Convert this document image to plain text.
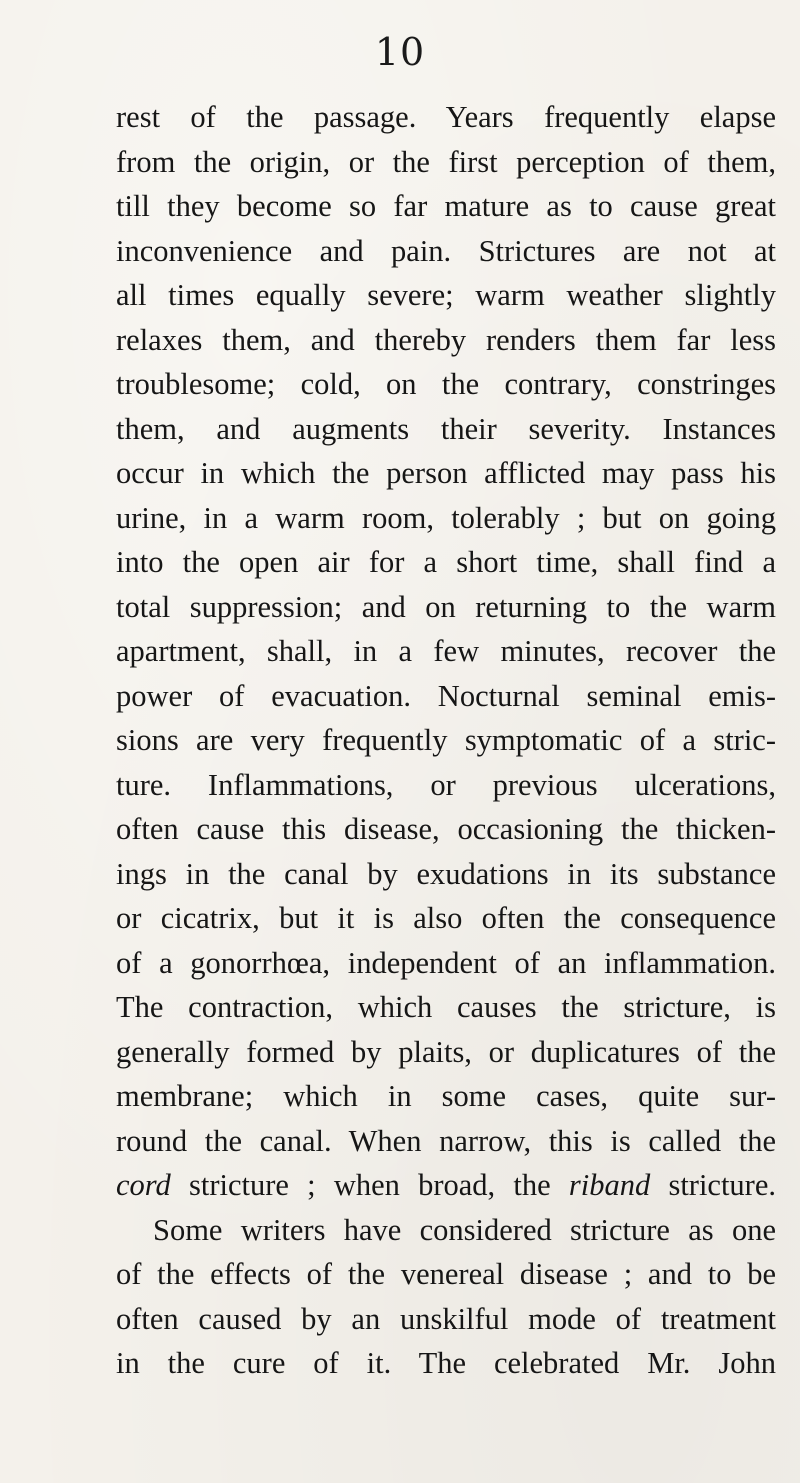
10
rest of the passage. Years frequently elapse
from the origin, or the first perception of them,
till they become so far mature as to cause great
inconvenience and pain. Strictures are not at
all times equally severe; warm weather slightly
relaxes them, and thereby renders them far less
troublesome; cold, on the contrary, constringes
them, and augments their severity. Instances
occur in which the person afflicted may pass his
urine, in a warm room, tolerably ; but on going
into the open air for a short time, shall find a
total suppression; and on returning to the warm
apartment, shall, in a few minutes, recover the
power of evacuation. Nocturnal seminal emis-
sions are very frequently symptomatic of a stric-
ture. Inflammations, or previous ulcerations,
often cause this disease, occasioning the thicken-
ings in the canal by exudations in its substance
or cicatrix, but it is also often the consequence
of a gonorrhœa, independent of an inflammation.
The contraction, which causes the stricture, is
generally formed by plaits, or duplicatures of the
membrane; which in some cases, quite sur-
round the canal. When narrow, this is called the
cord stricture ; when broad, the riband stricture.
Some writers have considered stricture as one
of the effects of the venereal disease ; and to be
often caused by an unskilful mode of treatment
in the cure of it. The celebrated Mr. John
